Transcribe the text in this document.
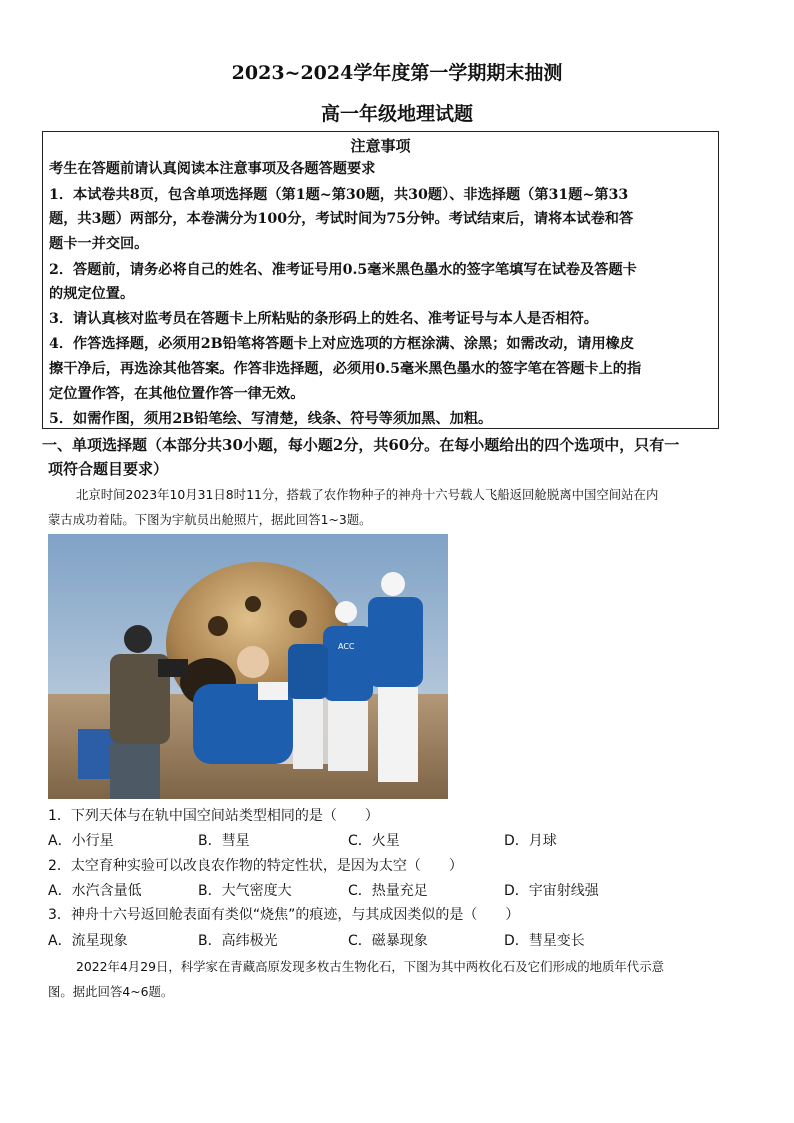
2023~2024学年度第一学期期末抽测
高一年级地理试题
注意事项
考生在答题前请认真阅读本注意事项及各题答题要求
1．本试卷共8页，包含单项选择题（第1题~第30题，共30题）、非选择题（第31题~第33
题，共3题）两部分，本卷满分为100分，考试时间为75分钟。考试结束后，请将本试卷和答
题卡一并交回。
2．答题前，请务必将自己的姓名、准考证号用0.5毫米黑色墨水的签字笔填写在试卷及答题卡
的规定位置。
3．请认真核对监考员在答题卡上所粘贴的条形码上的姓名、准考证号与本人是否相符。
4．作答选择题，必须用2B铅笔将答题卡上对应选项的方框涂满、涂黑；如需改动，请用橡皮
擦干净后，再选涂其他答案。作答非选择题，必须用0.5毫米黑色墨水的签字笔在答题卡上的指
定位置作答，在其他位置作答一律无效。
5．如需作图，须用2B铅笔绘、写清楚，线条、符号等须加黑、加粗。
一、单项选择题（本部分共30小题，每小题2分，共60分。在每小题给出的四个选项中，只有一
项符合题目要求）
北京时间2023年10月31日8时11分，搭载了农作物种子的神舟十六号载人飞船返回舱脱离中国空间站在内
蒙古成功着陆。下图为宇航员出舱照片，据此回答1~3题。
ACC
1．下列天体与在轨中国空间站类型相同的是（　　）
A．小行星	B．彗星	C．火星	D．月球
2．太空育种实验可以改良农作物的特定性状，是因为太空（　　）
A．水汽含量低	B．大气密度大	C．热量充足	D．宇宙射线强
3．神舟十六号返回舱表面有类似“烧焦”的痕迹，与其成因类似的是（　　）
A．流星现象	B．高纬极光	C．磁暴现象	D．彗星变长
2022年4月29日，科学家在青藏高原发现多枚古生物化石，下图为其中两枚化石及它们形成的地质年代示意
图。据此回答4~6题。
